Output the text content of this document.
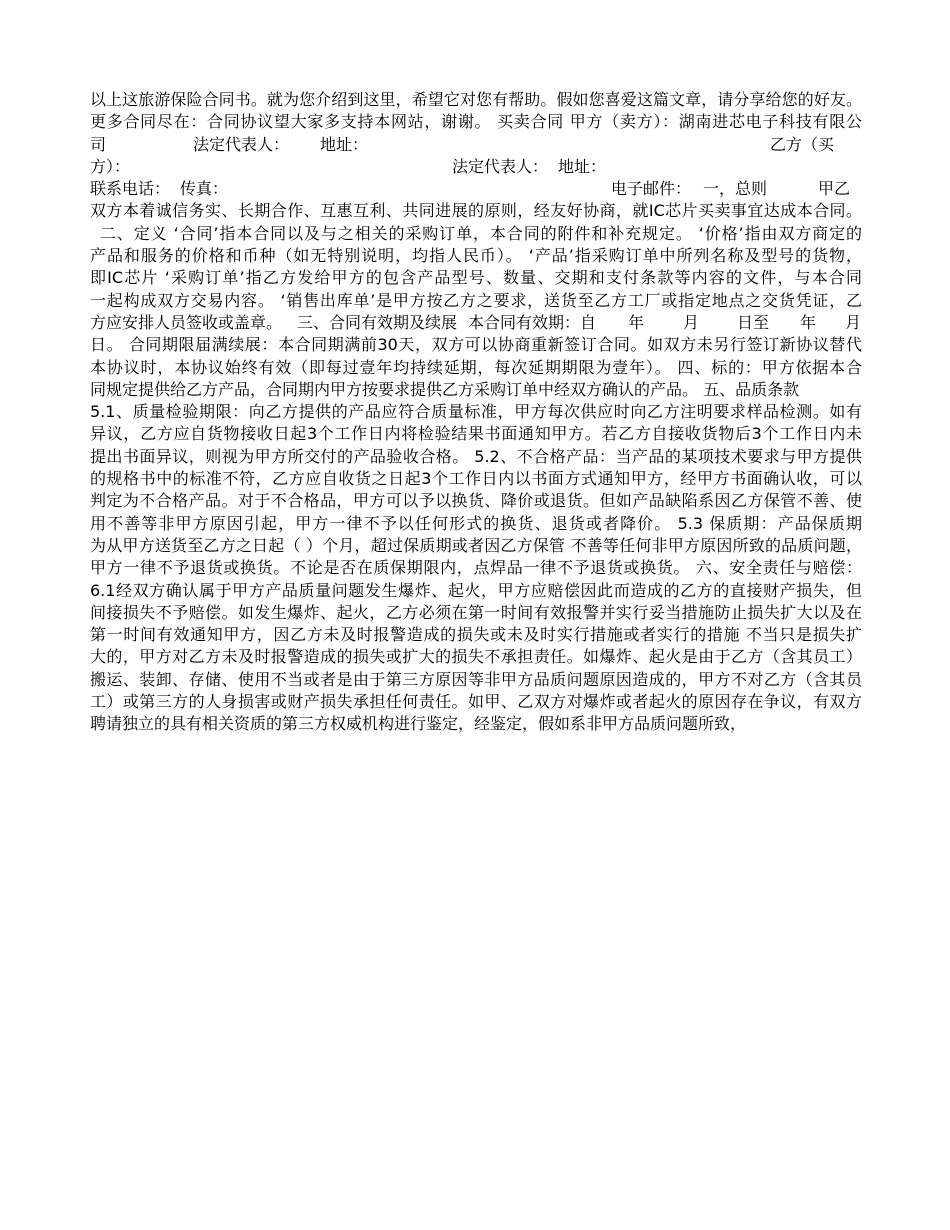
以上这旅游保险合同书。就为您介绍到这里，希望它对您有帮助。假如您喜爱这篇文章，请分享给您的好友。
更多合同尽在：合同协议望大家多支持本网站，谢谢。 买卖合同 甲方（卖方）：湖南进芯电子科技有限公
司	法定代表人： 地址：	乙方（买
方）：	法定代表人： 地址：
联系电话： 传真：	电子邮件： 一，总则	甲乙
双方本着诚信务实、长期合作、互惠互利、共同进展的原则，经友好协商，就IC芯片买卖事宜达成本合同。
二、定义 ‘合同’指本合同以及与之相关的采购订单，本合同的附件和补充规定。 ‘价格’指由双方商定的
产品和服务的价格和币种（如无特别说明，均指人民币）。 ‘产品’指采购订单中所列名称及型号的货物，
即IC芯片 ‘采购订单’指乙方发给甲方的包含产品型号、数量、交期和支付条款等内容的文件，与本合同
一起构成双方交易内容。 ‘销售出库单’是甲方按乙方之要求，送货至乙方工厂或指定地点之交货凭证，乙
方应安排人员签收或盖章。 三、合同有效期及续展 本合同有效期：自 年 月 日至 年 月
日。 合同期限届满续展：本合同期满前30天，双方可以协商重新签订合同。如双方未另行签订新协议替代
本协议时，本协议始终有效（即每过壹年均持续延期，每次延期期限为壹年）。 四、标的：甲方依据本合
同规定提供给乙方产品，合同期内甲方按要求提供乙方采购订单中经双方确认的产品。 五、品质条款
5.1、质量检验期限：向乙方提供的产品应符合质量标准，甲方每次供应时向乙方注明要求样品检测。如有
异议，乙方应自货物接收日起3个工作日内将检验结果书面通知甲方。若乙方自接收货物后3个工作日内未
提出书面异议，则视为甲方所交付的产品验收合格。 5.2、不合格产品：当产品的某项技术要求与甲方提供
的规格书中的标准不符，乙方应自收货之日起3个工作日内以书面方式通知甲方，经甲方书面确认收，可以
判定为不合格产品。对于不合格品，甲方可以予以换货、降价或退货。但如产品缺陷系因乙方保管不善、使
用不善等非甲方原因引起，甲方一律不予以任何形式的换货、退货或者降价。 5.3 保质期：产品保质期
为从甲方送货至乙方之日起（ ）个月，超过保质期或者因乙方保管 不善等任何非甲方原因所致的品质问题，
甲方一律不予退货或换货。不论是否在质保期限内，点焊品一律不予退货或换货。 六、安全责任与赔偿：
6.1经双方确认属于甲方产品质量问题发生爆炸、起火，甲方应赔偿因此而造成的乙方的直接财产损失，但
间接损失不予赔偿。如发生爆炸、起火，乙方必须在第一时间有效报警并实行妥当措施防止损失扩大以及在
第一时间有效通知甲方，因乙方未及时报警造成的损失或未及时实行措施或者实行的措施 不当只是损失扩
大的，甲方对乙方未及时报警造成的损失或扩大的损失不承担责任。如爆炸、起火是由于乙方（含其员工）
搬运、装卸、存储、使用不当或者是由于第三方原因等非甲方品质问题原因造成的，甲方不对乙方（含其员
工）或第三方的人身损害或财产损失承担任何责任。如甲、乙双方对爆炸或者起火的原因存在争议，有双方
聘请独立的具有相关资质的第三方权威机构进行鉴定，经鉴定，假如系非甲方品质问题所致，
